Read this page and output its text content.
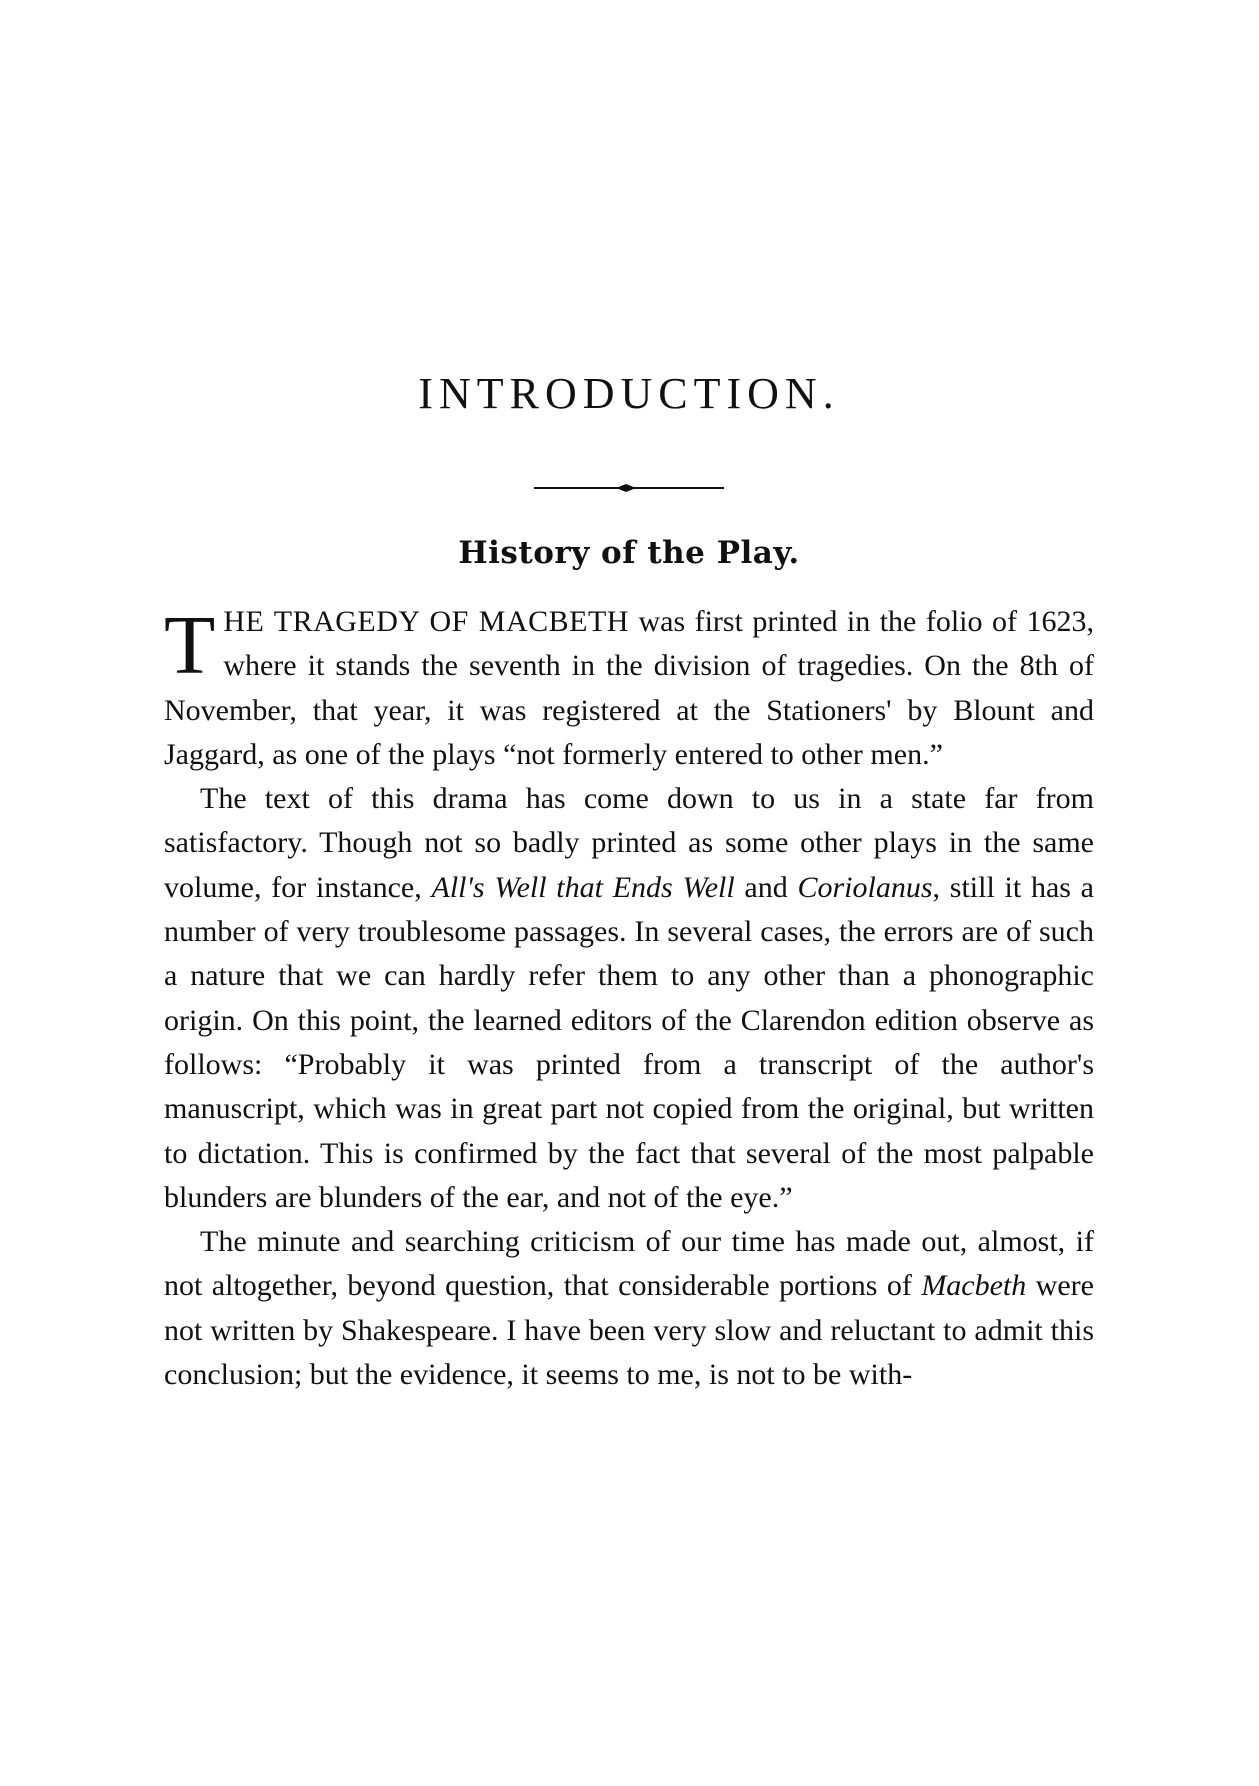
INTRODUCTION.
History of the Play.

THE TRAGEDY OF MACBETH was first printed in the folio of 1623, where it stands the seventh in the division of tragedies. On the 8th of November, that year, it was registered at the Stationers' by Blount and Jaggard, as one of the plays “not formerly entered to other men.”

The text of this drama has come down to us in a state far from satisfactory. Though not so badly printed as some other plays in the same volume, for instance, All's Well that Ends Well and Coriolanus, still it has a number of very troublesome passages. In several cases, the errors are of such a nature that we can hardly refer them to any other than a phonographic origin. On this point, the learned editors of the Clarendon edition observe as follows: “Probably it was printed from a transcript of the author's manuscript, which was in great part not copied from the original, but written to dictation. This is confirmed by the fact that several of the most palpable blunders are blunders of the ear, and not of the eye.”

The minute and searching criticism of our time has made out, almost, if not altogether, beyond question, that considerable portions of Macbeth were not written by Shakespeare. I have been very slow and reluctant to admit this conclusion; but the evidence, it seems to me, is not to be with-
